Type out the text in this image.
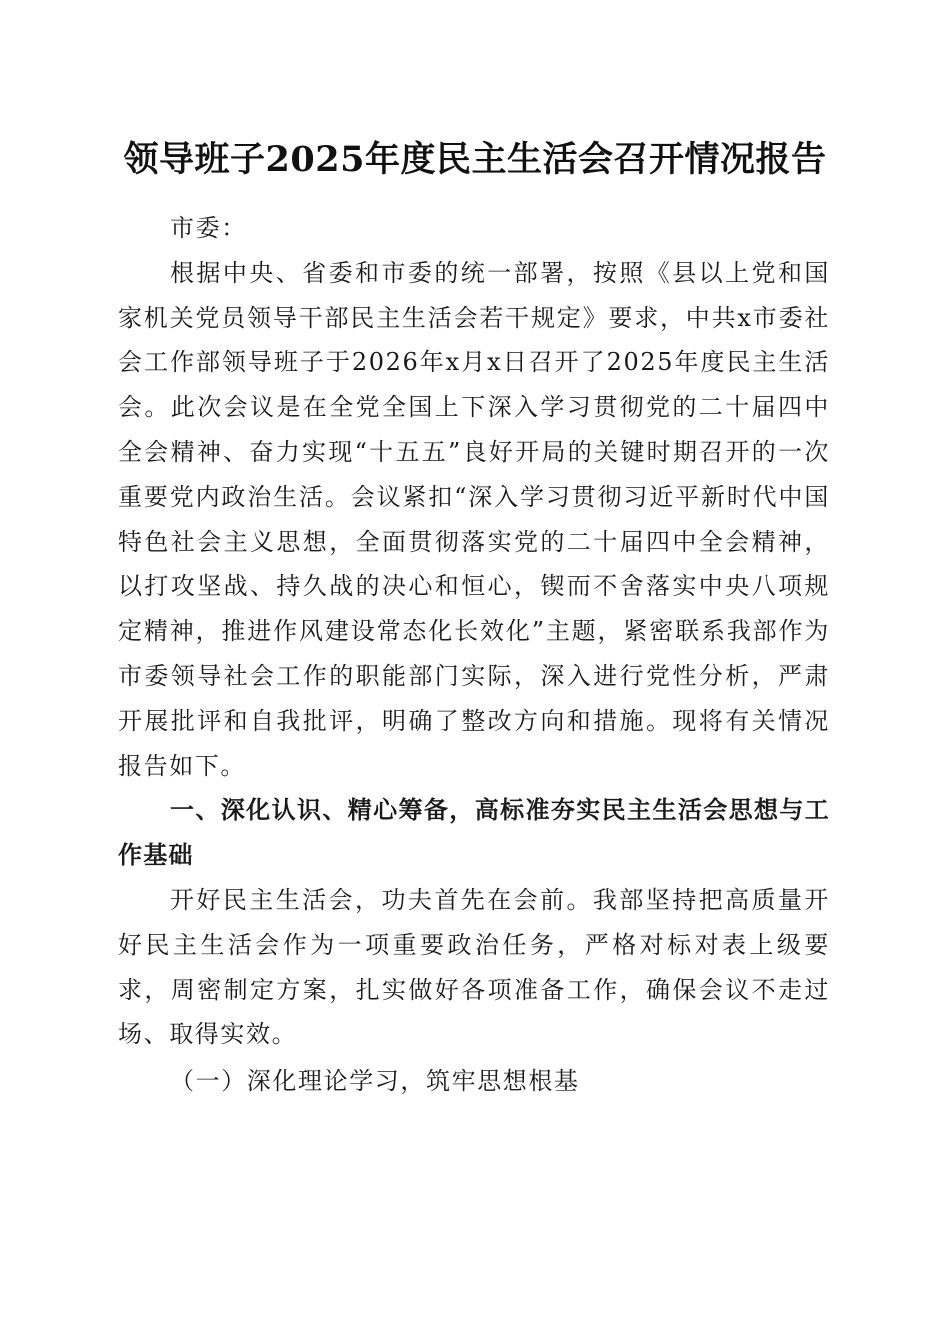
领导班子2025年度民主生活会召开情况报告

市委：

根据中央、省委和市委的统一部署，按照《县以上党和国家机关党员领导干部民主生活会若干规定》要求，中共x市委社会工作部领导班子于2026年x月x日召开了2025年度民主生活会。此次会议是在全党全国上下深入学习贯彻党的二十届四中全会精神、奋力实现“十五五”良好开局的关键时期召开的一次重要党内政治生活。会议紧扣“深入学习贯彻习近平新时代中国特色社会主义思想，全面贯彻落实党的二十届四中全会精神，以打攻坚战、持久战的决心和恒心，锲而不舍落实中央八项规定精神，推进作风建设常态化长效化”主题，紧密联系我部作为市委领导社会工作的职能部门实际，深入进行党性分析，严肃开展批评和自我批评，明确了整改方向和措施。现将有关情况报告如下。

一、深化认识、精心筹备，高标准夯实民主生活会思想与工作基础

开好民主生活会，功夫首先在会前。我部坚持把高质量开好民主生活会作为一项重要政治任务，严格对标对表上级要求，周密制定方案，扎实做好各项准备工作，确保会议不走过场、取得实效。

（一）深化理论学习，筑牢思想根基
